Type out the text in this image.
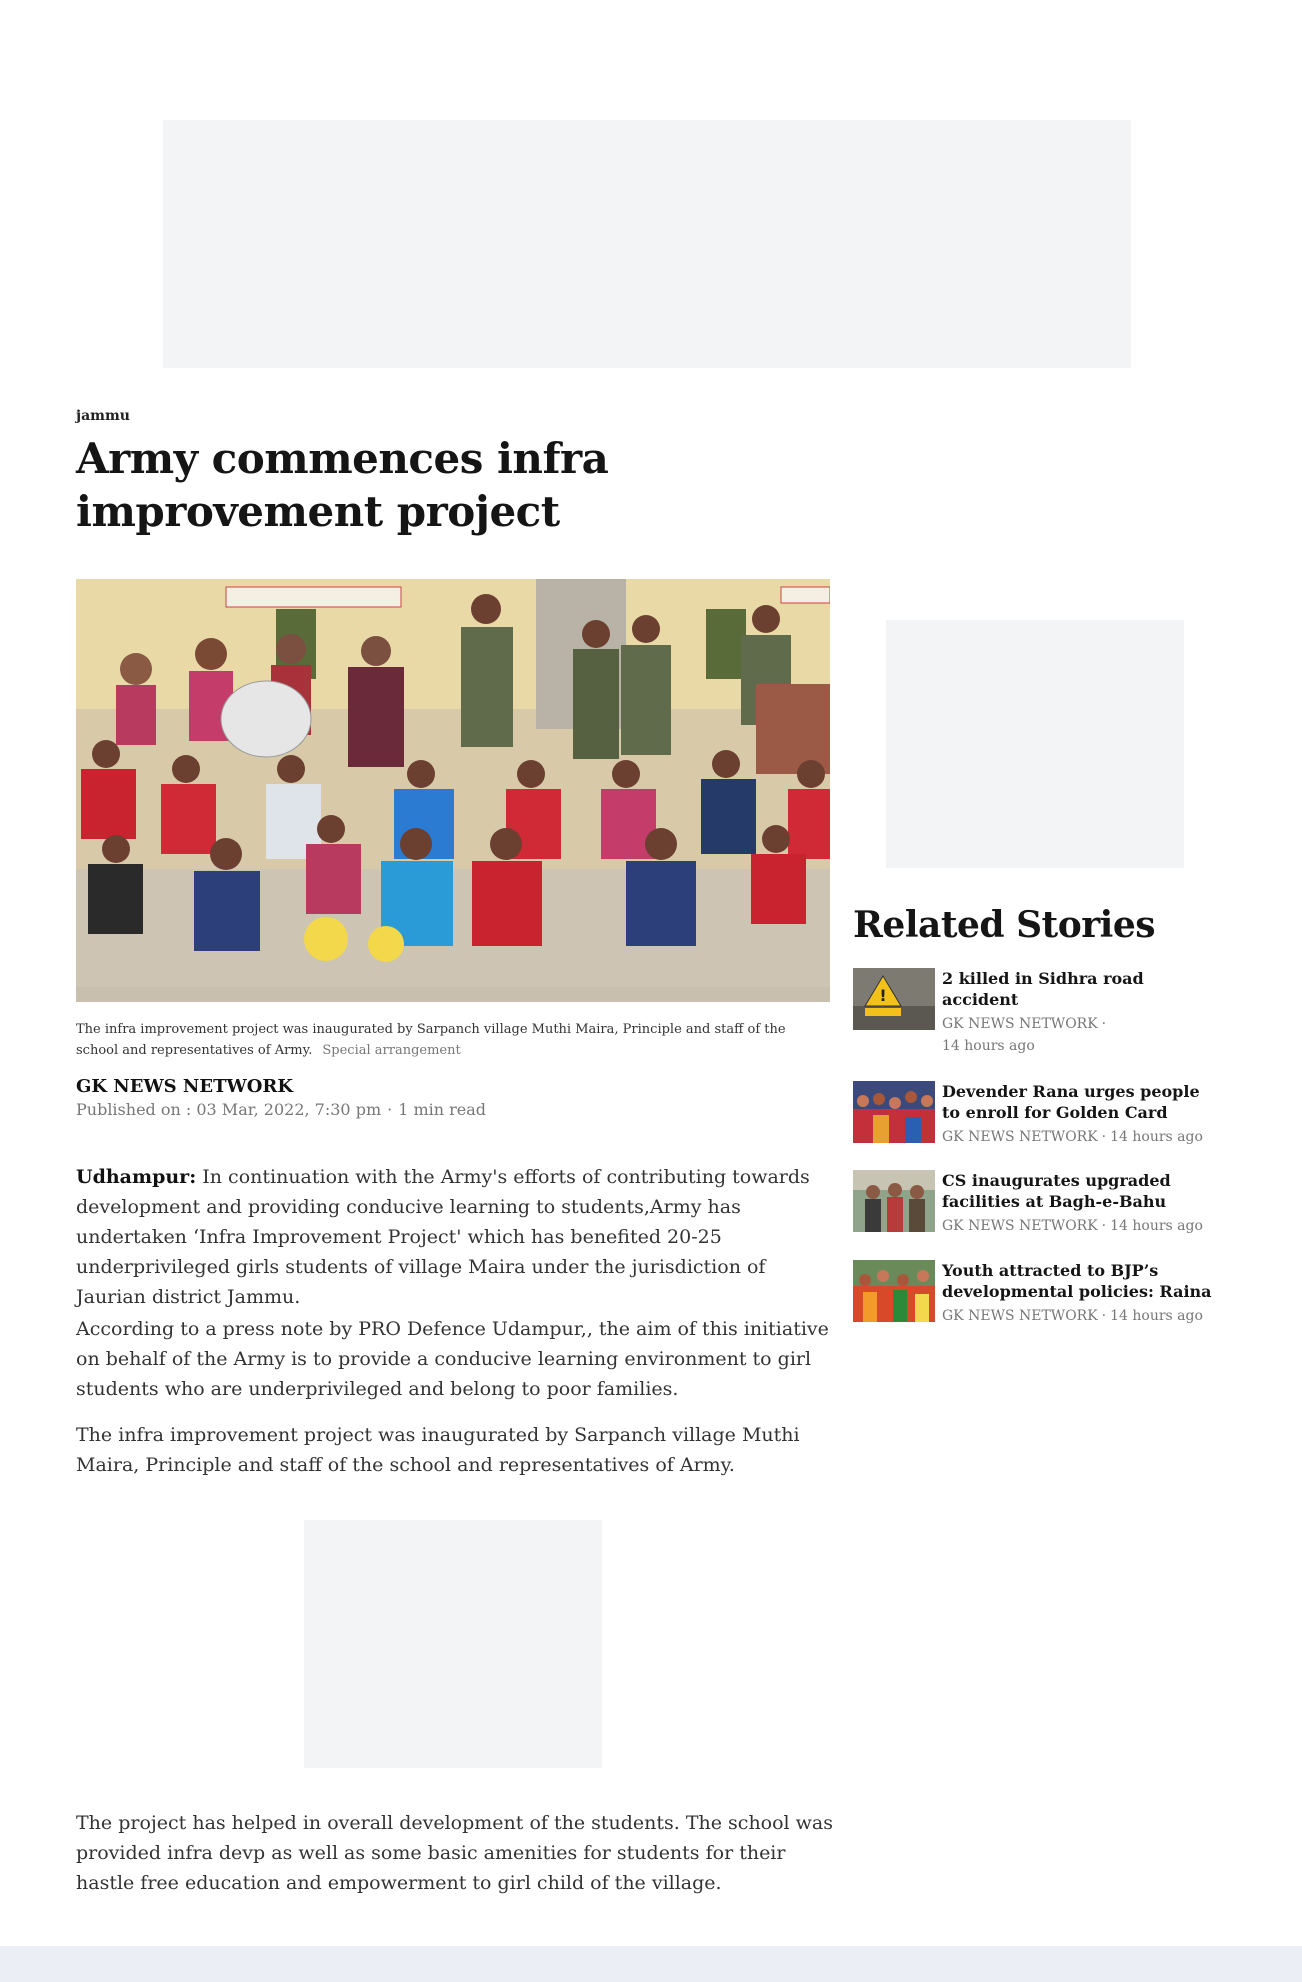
jammu
Army commences infra improvement project
The infra improvement project was inaugurated by Sarpanch village Muthi Maira, Principle and staff of the school and representatives of Army. Special arrangement
GK NEWS NETWORK
Published on : 03 Mar, 2022, 7:30 pm · 1 min read

Udhampur: In continuation with the Army's efforts of contributing towards development and providing conducive learning to students,Army has undertaken ‘Infra Improvement Project' which has benefited 20-25 underprivileged girls students of village Maira under the jurisdiction of Jaurian district Jammu.

According to a press note by PRO Defence Udampur,, the aim of this initiative on behalf of the Army is to provide a conducive learning environment to girl students who are underprivileged and belong to poor families.

The infra improvement project was inaugurated by Sarpanch village Muthi Maira, Principle and staff of the school and representatives of Army.

The project has helped in overall development of the students. The school was provided infra devp as well as some basic amenities for students for their hastle free education and empowerment to girl child of the village.

Related Stories
!
2 killed in Sidhra road accident
GK NEWS NETWORK ·
14 hours ago
Devender Rana urges people to enroll for Golden Card
GK NEWS NETWORK · 14 hours ago
CS inaugurates upgraded facilities at Bagh-e-Bahu
GK NEWS NETWORK · 14 hours ago
Youth attracted to BJP’s developmental policies: Raina
GK NEWS NETWORK · 14 hours ago
